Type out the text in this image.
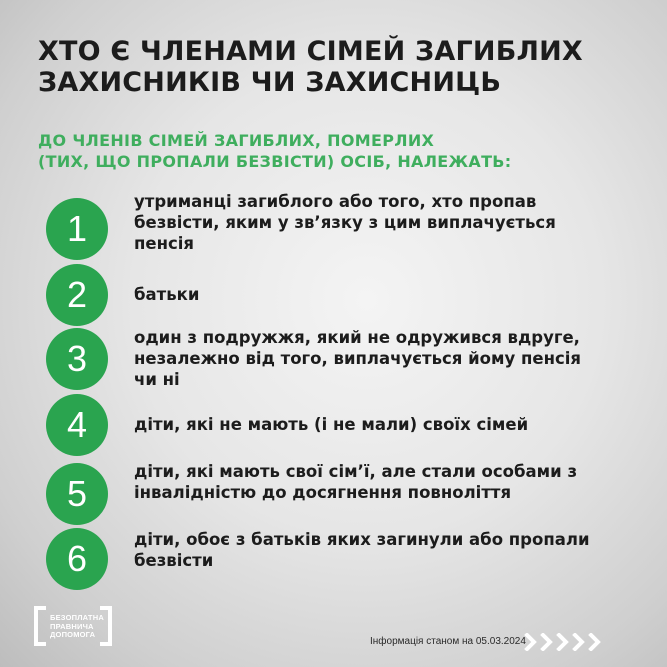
ХТО Є ЧЛЕНАМИ СІМЕЙ ЗАГИБЛИХ
ЗАХИСНИКІВ ЧИ ЗАХИСНИЦЬ
ДО ЧЛЕНІВ СІМЕЙ ЗАГИБЛИХ, ПОМЕРЛИХ
(ТИХ, ЩО ПРОПАЛИ БЕЗВІСТИ) ОСІБ, НАЛЕЖАТЬ:
1
утриманці загиблого або того, хто пропав
безвісти, яким у зв’язку з цим виплачується
пенсія
2	батьки
3
один з подружжя, який не одружився вдруге,
незалежно від того, виплачується йому пенсія
чи ні
4	діти, які не мають (і не мали) своїх сімей
5
діти, які мають свої сім’ї, але стали особами з
інвалідністю до досягнення повноліття
6	діти, обоє з батьків яких загинули або пропали
безвісти
БЕЗОПЛАТНА
ПРАВНИЧА
ДОПОМОГА
Інформація станом на 05.03.2024
